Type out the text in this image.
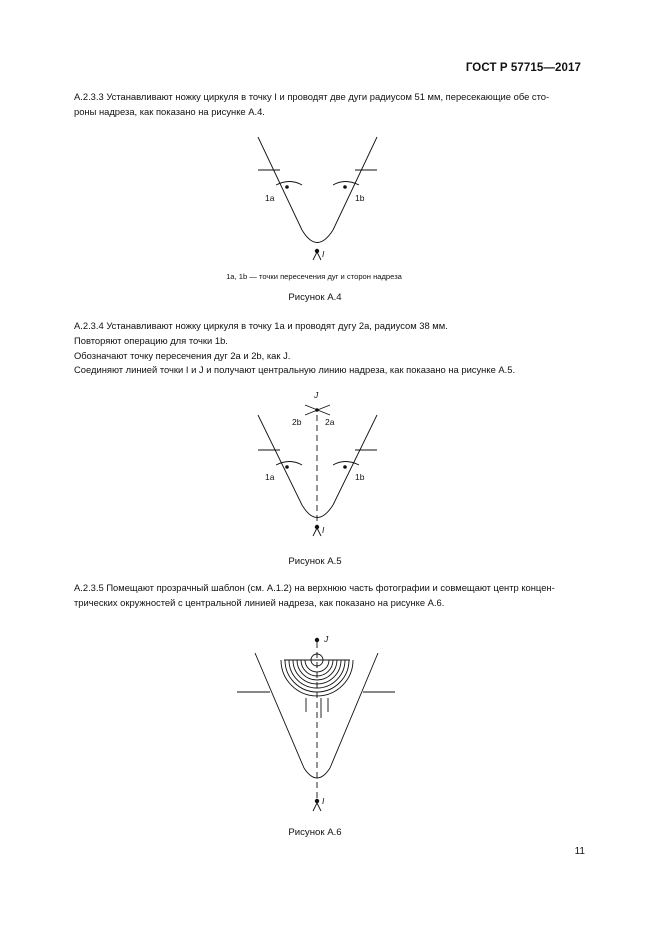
ГОСТ Р 57715—2017

А.2.3.3 Устанавливают ножку циркуля в точку I и проводят две дуги радиусом 51 мм, пересекающие обе сто-

роны надреза, как показано на рисунке А.4.

1a	1b
I
1a, 1b — точки пересечения дуг и сторон надреза
Рисунок А.4

А.2.3.4 Устанавливают ножку циркуля в точку 1a и проводят дугу 2a, радиусом 38 мм.

Повторяют операцию для точки 1b.

Обозначают точку пересечения дуг 2a и 2b, как J.

Соединяют линией точки I и J и получают центральную линию надреза, как показано на рисунке А.5.

J
2b	2a
1a	1b
I
Рисунок А.5

А.2.3.5 Помещают прозрачный шаблон (см. А.1.2) на верхнюю часть фотографии и совмещают центр концен-

трических окружностей с центральной линией надреза, как показано на рисунке А.6.

J
I
Рисунок А.6
11
